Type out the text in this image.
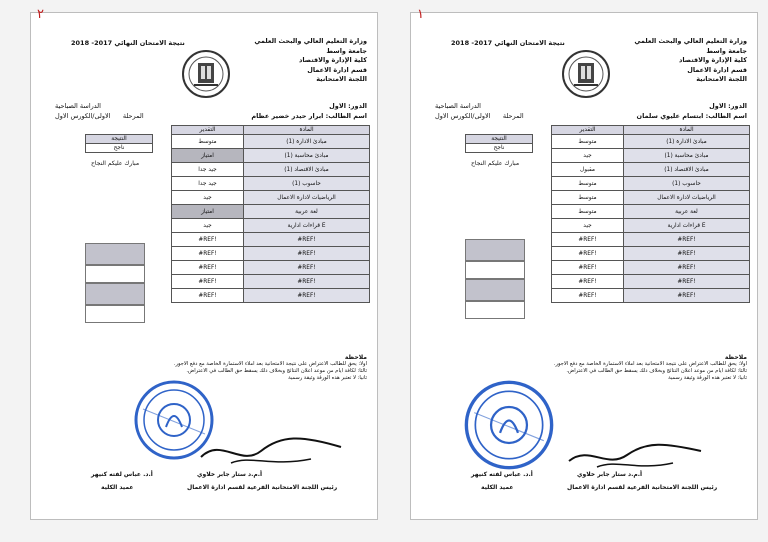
٢
وزارة التعليم العالي والبحث العلمي
جامعة واسط
كلية الإدارة والاقتصاد
قسم ادارة الاعمال
اللجنة الامتحانية
نتيجة الامتحان النهائي 2017- 2018
الدور: الاول
اسم الطالب: ابرار حيدر خضير عظام
الدراسة الصباحية
المرحلة      الاولى/الكورس الاول
التقدير	المادة
متوسط	مبادئ الادارة (1)
امتياز	مبادئ محاسبة (1)
جيد جدا	مبادئ الاقتصاد (1)
جيد جدا	حاسوب (1)
جيد	الرياضيات لادارة الاعمال
امتياز	لغة عربية
جيد	قراءات ادارية E
#REF!	#REF!
#REF!	#REF!
#REF!	#REF!
#REF!	#REF!
#REF!	#REF!
النتيجة
ناجح
مبارك عليكم النجاح
ملاحظة
اولا: يحق للطالب الاعتراض على نتيجة الامتحانية بعد املاء الاستمارة الخاصة مع دفع الاجور.
ثالثا: لكافة ايام من موعد اعلان النتائج وبخلاف ذلك يسقط حق الطالب في الاعتراض.
ثانيا: لا تعتبر هذه الورقة وثيقة رسمية
أ.د. عباس لفته كنيهر
عميد الكلية
أ.م.د ستار جابر خلاوي
رئيس اللجنة الامتحانية الفرعية لقسم ادارة الاعمال
١
وزارة التعليم العالي والبحث العلمي
جامعة واسط
كلية الإدارة والاقتصاد
قسم ادارة الاعمال
اللجنة الامتحانية
نتيجة الامتحان النهائي 2017- 2018
الدور: الاول
اسم الطالب: ابتسام عليوي سلمان
الدراسة الصباحية
المرحلة      الاولى/الكورس الاول
التقدير	المادة
متوسط	مبادئ الادارة (1)
جيد	مبادئ محاسبة (1)
مقبول	مبادئ الاقتصاد (1)
متوسط	حاسوب (1)
متوسط	الرياضيات لادارة الاعمال
متوسط	لغة عربية
جيد	قراءات ادارية E
#REF!	#REF!
#REF!	#REF!
#REF!	#REF!
#REF!	#REF!
#REF!	#REF!
النتيجة
ناجح
مبارك عليكم النجاح
ملاحظة
اولا: يحق للطالب الاعتراض على نتيجة الامتحانية بعد املاء الاستمارة الخاصة مع دفع الاجور.
ثالثا: لكافة ايام من موعد اعلان النتائج وبخلاف ذلك يسقط حق الطالب في الاعتراض.
ثانيا: لا تعتبر هذه الورقة وثيقة رسمية
أ.د. عباس لفته كنيهر
عميد الكلية
أ.م.د ستار جابر خلاوي
رئيس اللجنة الامتحانية الفرعية لقسم ادارة الاعمال
